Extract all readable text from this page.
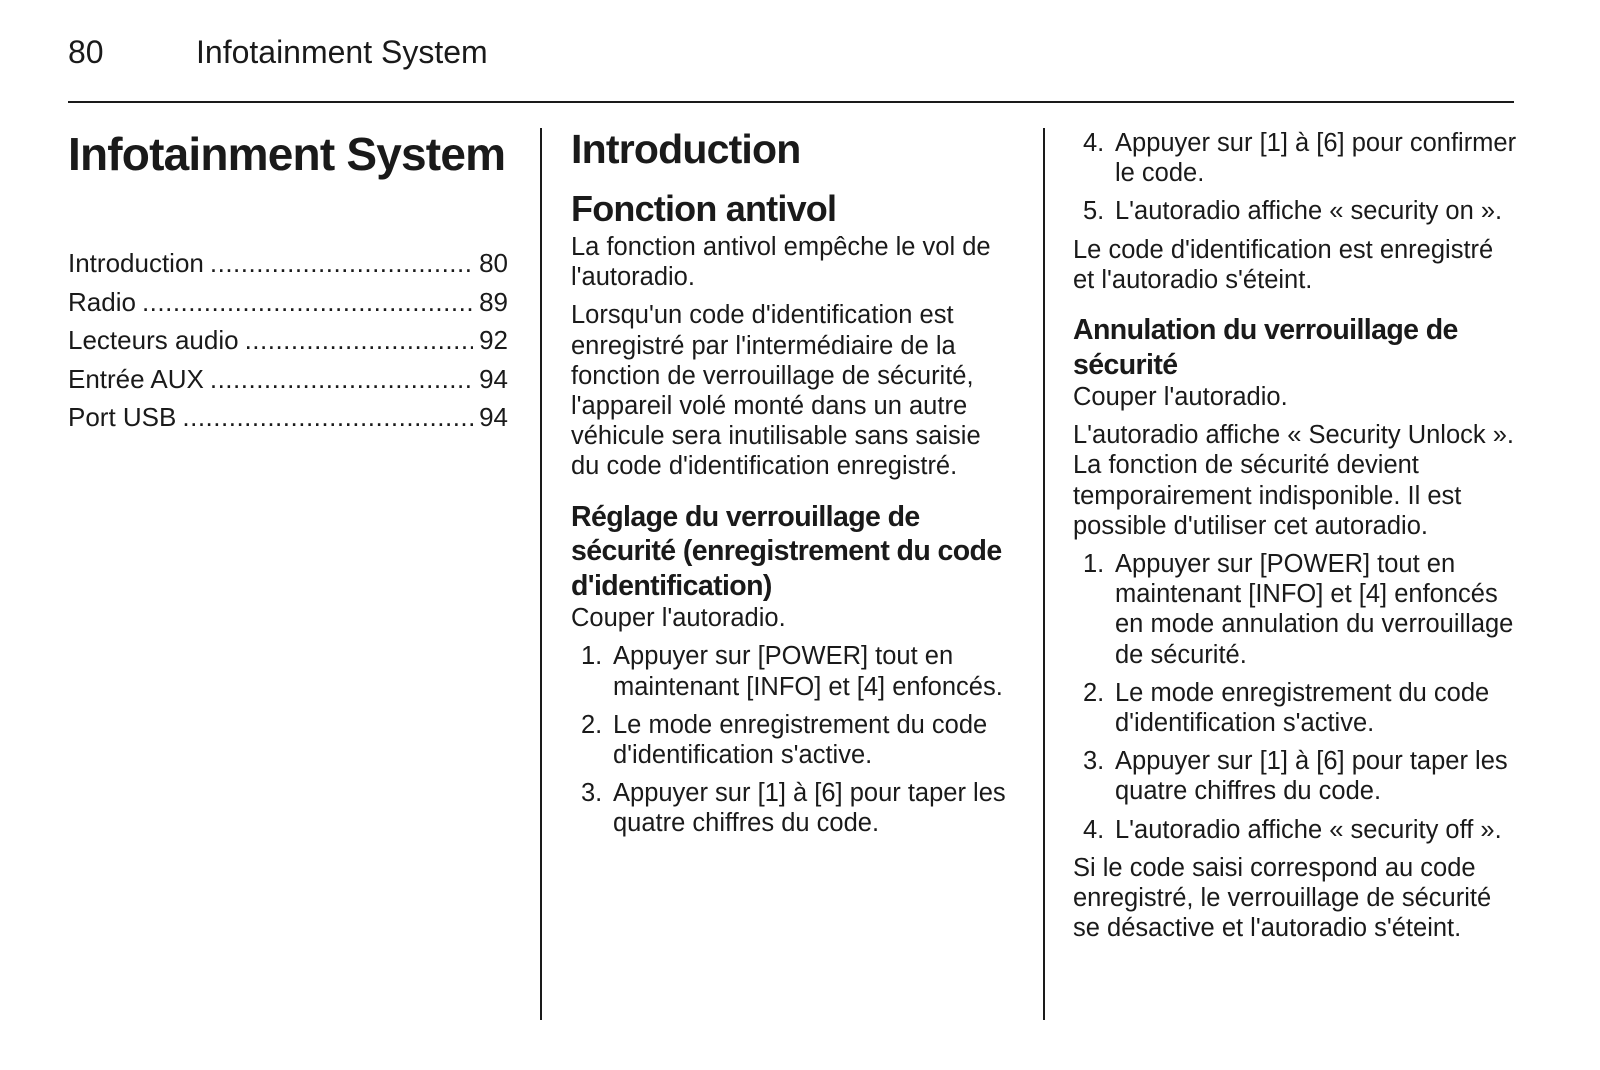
80	Infotainment System
Infotainment System
Introduction .....	80
Radio .....	89
Lecteurs audio .....	92
Entrée AUX .....	94
Port USB .....	94
Introduction
Fonction antivol

La fonction antivol empêche le vol de l'autoradio.

Lorsqu'un code d'identification est enregistré par l'intermédiaire de la fonction de verrouillage de sécurité, l'appareil volé monté dans un autre véhicule sera inutilisable sans saisie du code d'identification enregistré.

Réglage du verrouillage de sécurité (enregistrement du code d'identification)

Couper l'autoradio.

1. Appuyer sur [POWER] tout en maintenant [INFO] et [4] enfoncés.
2. Le mode enregistrement du code d'identification s'active.
3. Appuyer sur [1] à [6] pour taper les quatre chiffres du code.
4. Appuyer sur [1] à [6] pour confirmer le code.
5. L'autoradio affiche « security on ».

Le code d'identification est enregistré et l'autoradio s'éteint.

Annulation du verrouillage de sécurité

Couper l'autoradio.

L'autoradio affiche « Security Unlock ». La fonction de sécurité devient temporairement indisponible. Il est possible d'utiliser cet autoradio.

1. Appuyer sur [POWER] tout en maintenant [INFO] et [4] enfoncés en mode annulation du verrouillage de sécurité.
2. Le mode enregistrement du code d'identification s'active.
3. Appuyer sur [1] à [6] pour taper les quatre chiffres du code.
4. L'autoradio affiche « security off ».

Si le code saisi correspond au code enregistré, le verrouillage de sécurité se désactive et l'autoradio s'éteint.
